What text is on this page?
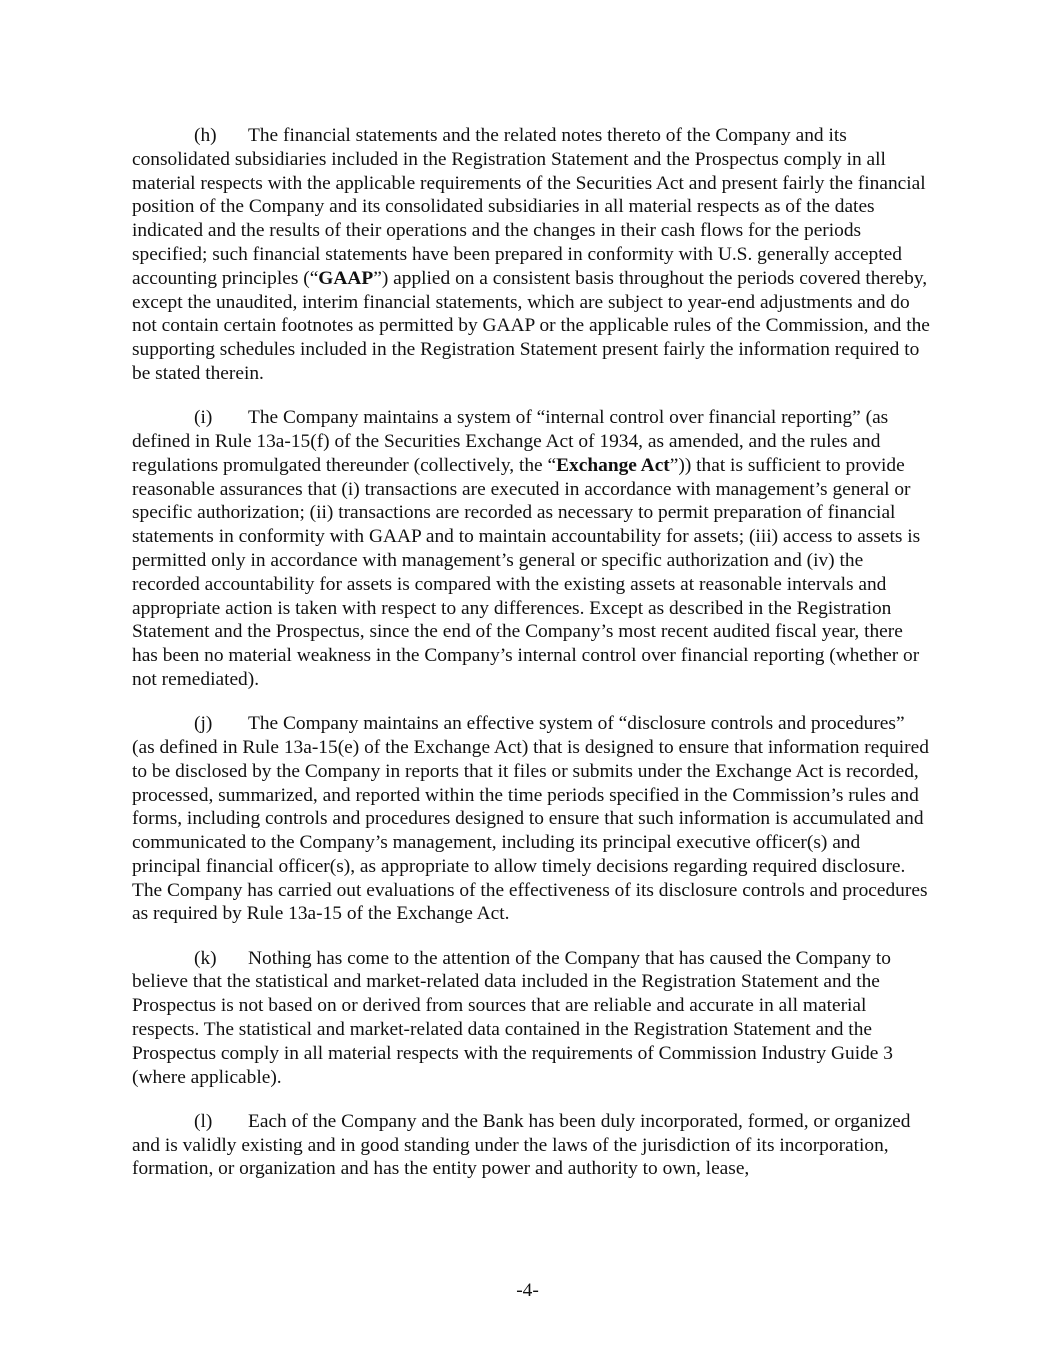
(h) The financial statements and the related notes thereto of the Company and its consolidated subsidiaries included in the Registration Statement and the Prospectus comply in all material respects with the applicable requirements of the Securities Act and present fairly the financial position of the Company and its consolidated subsidiaries in all material respects as of the dates indicated and the results of their operations and the changes in their cash flows for the periods specified; such financial statements have been prepared in conformity with U.S. generally accepted accounting principles (“GAAP”) applied on a consistent basis throughout the periods covered thereby, except the unaudited, interim financial statements, which are subject to year-end adjustments and do not contain certain footnotes as permitted by GAAP or the applicable rules of the Commission, and the supporting schedules included in the Registration Statement present fairly the information required to be stated therein.

(i) The Company maintains a system of “internal control over financial reporting” (as defined in Rule 13a-15(f) of the Securities Exchange Act of 1934, as amended, and the rules and regulations promulgated thereunder (collectively, the “Exchange Act”)) that is sufficient to provide reasonable assurances that (i) transactions are executed in accordance with management’s general or specific authorization; (ii) transactions are recorded as necessary to permit preparation of financial statements in conformity with GAAP and to maintain accountability for assets; (iii) access to assets is permitted only in accordance with management’s general or specific authorization and (iv) the recorded accountability for assets is compared with the existing assets at reasonable intervals and appropriate action is taken with respect to any differences. Except as described in the Registration Statement and the Prospectus, since the end of the Company’s most recent audited fiscal year, there has been no material weakness in the Company’s internal control over financial reporting (whether or not remediated).

(j) The Company maintains an effective system of “disclosure controls and procedures” (as defined in Rule 13a-15(e) of the Exchange Act) that is designed to ensure that information required to be disclosed by the Company in reports that it files or submits under the Exchange Act is recorded, processed, summarized, and reported within the time periods specified in the Commission’s rules and forms, including controls and procedures designed to ensure that such information is accumulated and communicated to the Company’s management, including its principal executive officer(s) and principal financial officer(s), as appropriate to allow timely decisions regarding required disclosure. The Company has carried out evaluations of the effectiveness of its disclosure controls and procedures as required by Rule 13a-15 of the Exchange Act.

(k) Nothing has come to the attention of the Company that has caused the Company to believe that the statistical and market-related data included in the Registration Statement and the Prospectus is not based on or derived from sources that are reliable and accurate in all material respects. The statistical and market-related data contained in the Registration Statement and the Prospectus comply in all material respects with the requirements of Commission Industry Guide 3 (where applicable).

(l) Each of the Company and the Bank has been duly incorporated, formed, or organized and is validly existing and in good standing under the laws of the jurisdiction of its incorporation, formation, or organization and has the entity power and authority to own, lease,

-4-
